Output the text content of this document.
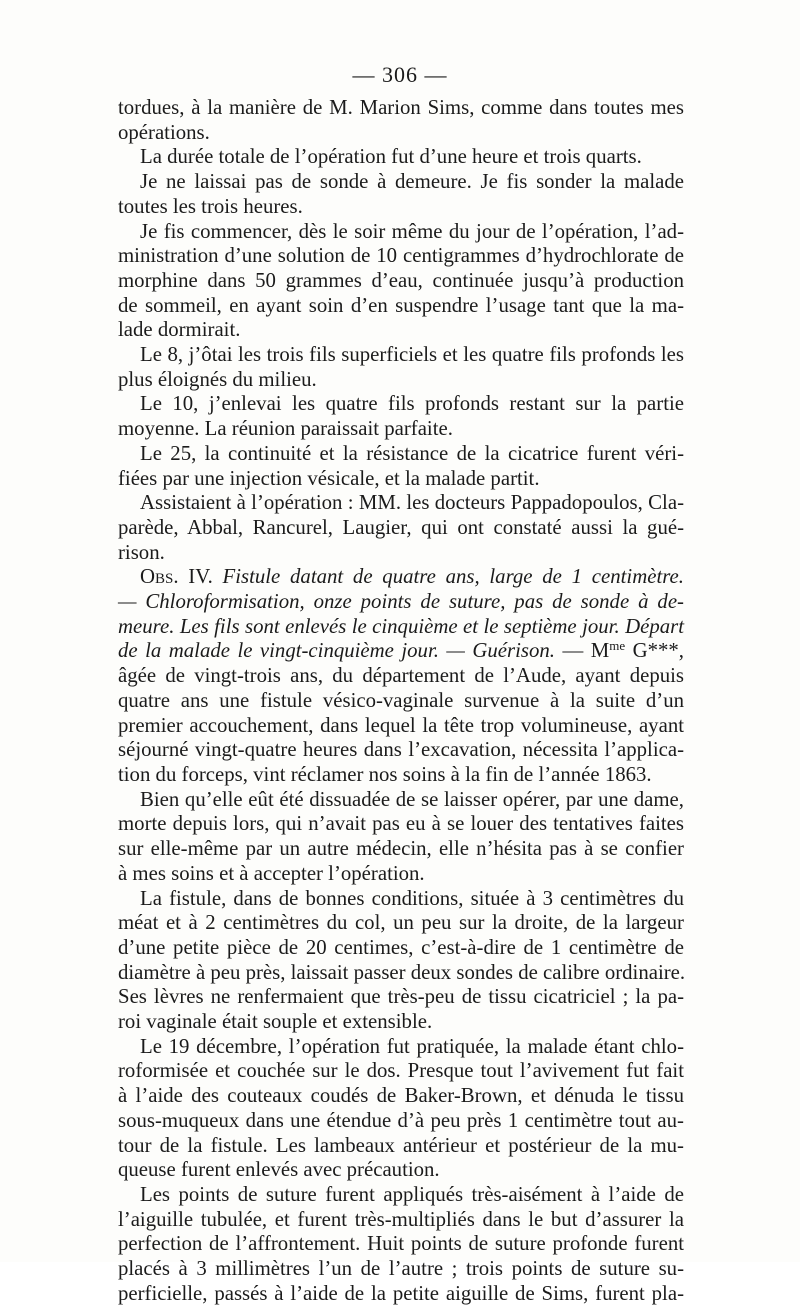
— 306 —
tordues, à la manière de M. Marion Sims, comme dans toutes mes
opérations.
La durée totale de l’opération fut d’une heure et trois quarts.
Je ne laissai pas de sonde à demeure. Je fis sonder la malade
toutes les trois heures.
Je fis commencer, dès le soir même du jour de l’opération, l’ad-
ministration d’une solution de 10 centigrammes d’hydrochlorate de
morphine dans 50 grammes d’eau, continuée jusqu’à production
de sommeil, en ayant soin d’en suspendre l’usage tant que la ma-
lade dormirait.
Le 8, j’ôtai les trois fils superficiels et les quatre fils profonds les
plus éloignés du milieu.
Le 10, j’enlevai les quatre fils profonds restant sur la partie
moyenne. La réunion paraissait parfaite.
Le 25, la continuité et la résistance de la cicatrice furent véri-
fiées par une injection vésicale, et la malade partit.
Assistaient à l’opération : MM. les docteurs Pappadopoulos, Cla-
parède, Abbal, Rancurel, Laugier, qui ont constaté aussi la gué-
rison.
Obs. IV. Fistule datant de quatre ans, large de 1 centimètre.
— Chloroformisation, onze points de suture, pas de sonde à de-
meure. Les fils sont enlevés le cinquième et le septième jour. Départ
de la malade le vingt-cinquième jour. — Guérison. — $M^{me}$ G***,
âgée de vingt-trois ans, du département de l’Aude, ayant depuis
quatre ans une fistule vésico-vaginale survenue à la suite d’un
premier accouchement, dans lequel la tête trop volumineuse, ayant
séjourné vingt-quatre heures dans l’excavation, nécessita l’applica-
tion du forceps, vint réclamer nos soins à la fin de l’année 1863.
Bien qu’elle eût été dissuadée de se laisser opérer, par une dame,
morte depuis lors, qui n’avait pas eu à se louer des tentatives faites
sur elle-même par un autre médecin, elle n’hésita pas à se confier
à mes soins et à accepter l’opération.
La fistule, dans de bonnes conditions, située à 3 centimètres du
méat et à 2 centimètres du col, un peu sur la droite, de la largeur
d’une petite pièce de 20 centimes, c’est-à-dire de 1 centimètre de
diamètre à peu près, laissait passer deux sondes de calibre ordinaire.
Ses lèvres ne renfermaient que très-peu de tissu cicatriciel ; la pa-
roi vaginale était souple et extensible.
Le 19 décembre, l’opération fut pratiquée, la malade étant chlo-
roformisée et couchée sur le dos. Presque tout l’avivement fut fait
à l’aide des couteaux coudés de Baker-Brown, et dénuda le tissu
sous-muqueux dans une étendue d’à peu près 1 centimètre tout au-
tour de la fistule. Les lambeaux antérieur et postérieur de la mu-
queuse furent enlevés avec précaution.
Les points de suture furent appliqués très-aisément à l’aide de
l’aiguille tubulée, et furent très-multipliés dans le but d’assurer la
perfection de l’affrontement. Huit points de suture profonde furent
placés à 3 millimètres l’un de l’autre ; trois points de suture su-
perficielle, passés à l’aide de la petite aiguille de Sims, furent pla-
